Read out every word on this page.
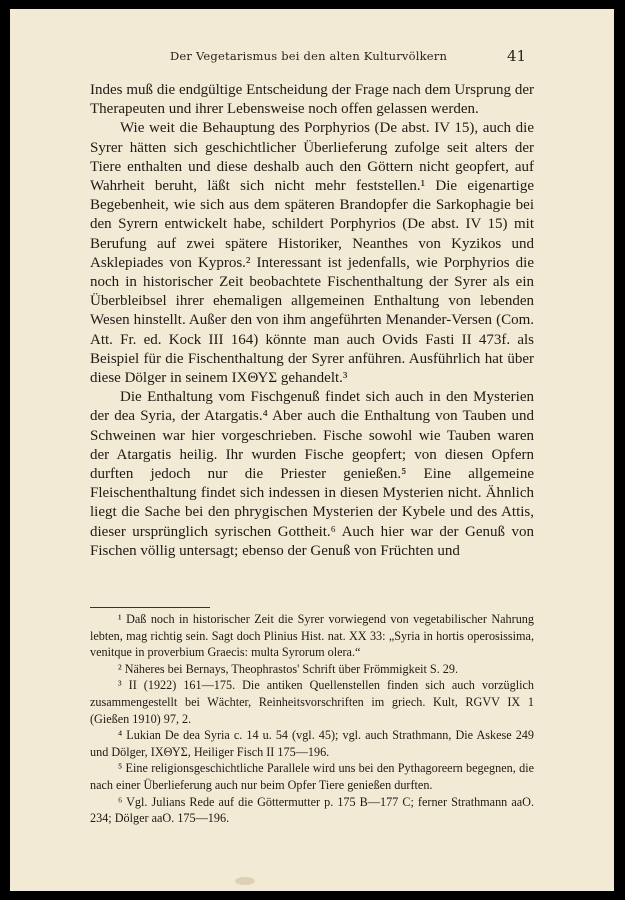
Der Vegetarismus bei den alten Kulturvölkern	41

Indes muß die endgültige Entscheidung der Frage nach dem Ursprung der Therapeuten und ihrer Lebensweise noch offen gelassen werden.

Wie weit die Behauptung des Porphyrios (De abst. IV 15), auch die Syrer hätten sich geschichtlicher Überlieferung zufolge seit alters der Tiere enthalten und diese deshalb auch den Göttern nicht geopfert, auf Wahrheit beruht, läßt sich nicht mehr feststellen.¹ Die eigenartige Begebenheit, wie sich aus dem späteren Brandopfer die Sarkophagie bei den Syrern entwickelt habe, schildert Porphyrios (De abst. IV 15) mit Berufung auf zwei spätere Historiker, Neanthes von Kyzikos und Asklepiades von Kypros.² Interessant ist jedenfalls, wie Porphyrios die noch in historischer Zeit beobachtete Fischenthaltung der Syrer als ein Überbleibsel ihrer ehemaligen allgemeinen Enthaltung von lebenden Wesen hinstellt. Außer den von ihm angeführten Menander-Versen (Com. Att. Fr. ed. Kock III 164) könnte man auch Ovids Fasti II 473f. als Beispiel für die Fischenthaltung der Syrer anführen. Ausführlich hat über diese Dölger in seinem ΙΧΘΥΣ gehandelt.³

Die Enthaltung vom Fischgenuß findet sich auch in den Mysterien der dea Syria, der Atargatis.⁴ Aber auch die Enthaltung von Tauben und Schweinen war hier vorgeschrieben. Fische sowohl wie Tauben waren der Atargatis heilig. Ihr wurden Fische geopfert; von diesen Opfern durften jedoch nur die Priester genießen.⁵ Eine allgemeine Fleischenthaltung findet sich indessen in diesen Mysterien nicht. Ähnlich liegt die Sache bei den phrygischen Mysterien der Kybele und des Attis, dieser ursprünglich syrischen Gottheit.⁶ Auch hier war der Genuß von Fischen völlig untersagt; ebenso der Genuß von Früchten und

¹ Daß noch in historischer Zeit die Syrer vorwiegend von vegetabilischer Nahrung lebten, mag richtig sein. Sagt doch Plinius Hist. nat. XX 33: „Syria in hortis operosissima, venitque in proverbium Graecis: multa Syrorum olera.“

² Näheres bei Bernays, Theophrastos' Schrift über Frömmigkeit S. 29.

³ II (1922) 161—175. Die antiken Quellenstellen finden sich auch vorzüglich zusammengestellt bei Wächter, Reinheitsvorschriften im griech. Kult, RGVV IX 1 (Gießen 1910) 97, 2.

⁴ Lukian De dea Syria c. 14 u. 54 (vgl. 45); vgl. auch Strathmann, Die Askese 249 und Dölger, ΙΧΘΥΣ, Heiliger Fisch II 175—196.

⁵ Eine religionsgeschichtliche Parallele wird uns bei den Pythagoreern begegnen, die nach einer Überlieferung auch nur beim Opfer Tiere genießen durften.

⁶ Vgl. Julians Rede auf die Göttermutter p. 175 B—177 C; ferner Strathmann aaO. 234; Dölger aaO. 175—196.
